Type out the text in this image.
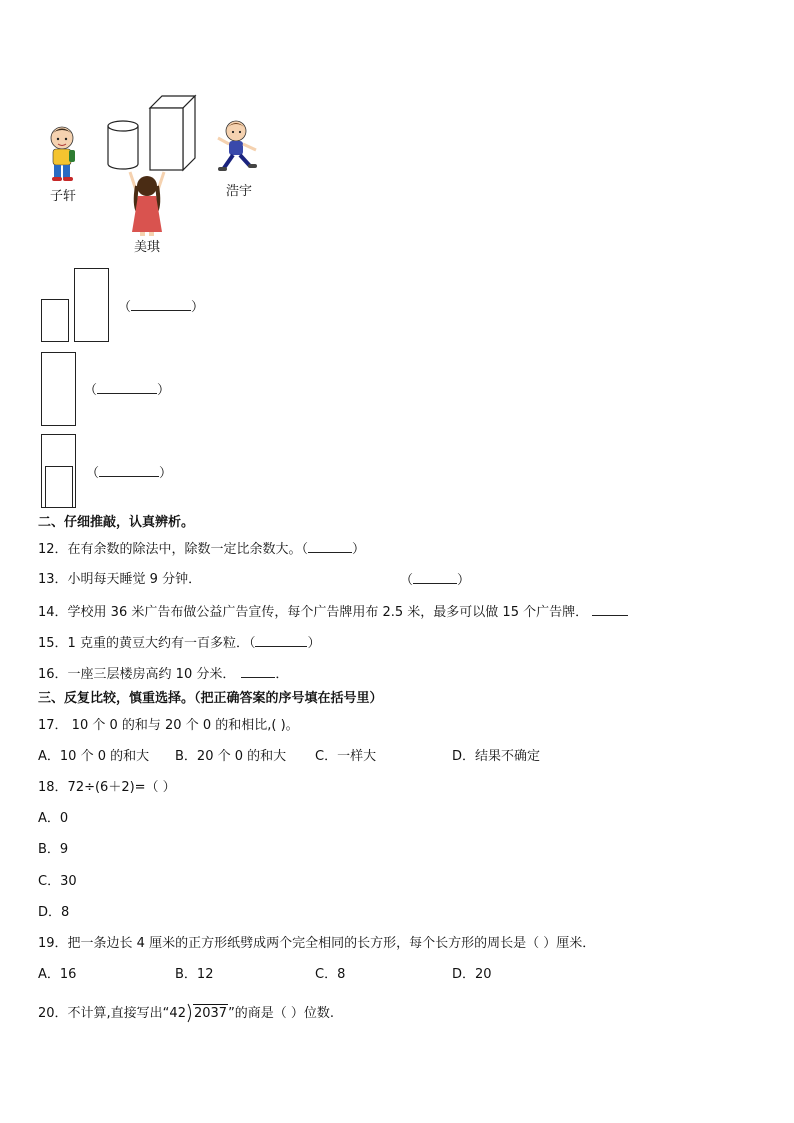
子轩	浩宇
美琪
（	）
（	）
（	）
二、仔细推敲，认真辨析。
12．在有余数的除法中，除数一定比余数大。（	）
13．小明每天睡觉 9 分钟．	（	）
14．学校用 36 米广告布做公益广告宣传，每个广告牌用布 2.5 米，最多可以做 15 个广告牌．
15．1 克重的黄豆大约有一百多粒．（	）
16．一座三层楼房高约 10 分米．	．
三、反复比较，慎重选择。（把正确答案的序号填在括号里）
17． 10 个 0 的和与 20 个 0 的和相比,( )。
A．10 个 0 的和大 B．20 个 0 的和大 C．一样大	D．结果不确定
18．72÷(6＋2)=（ ）
A．0
B．9
C．30
D．8
19．把一条边长 4 厘米的正方形纸劈成两个完全相同的长方形，每个长方形的周长是（ ）厘米．
A．16	B．12	C．8	D．20
20．不计算,直接写出“ 42 2037 ”的商是（ ）位数.
